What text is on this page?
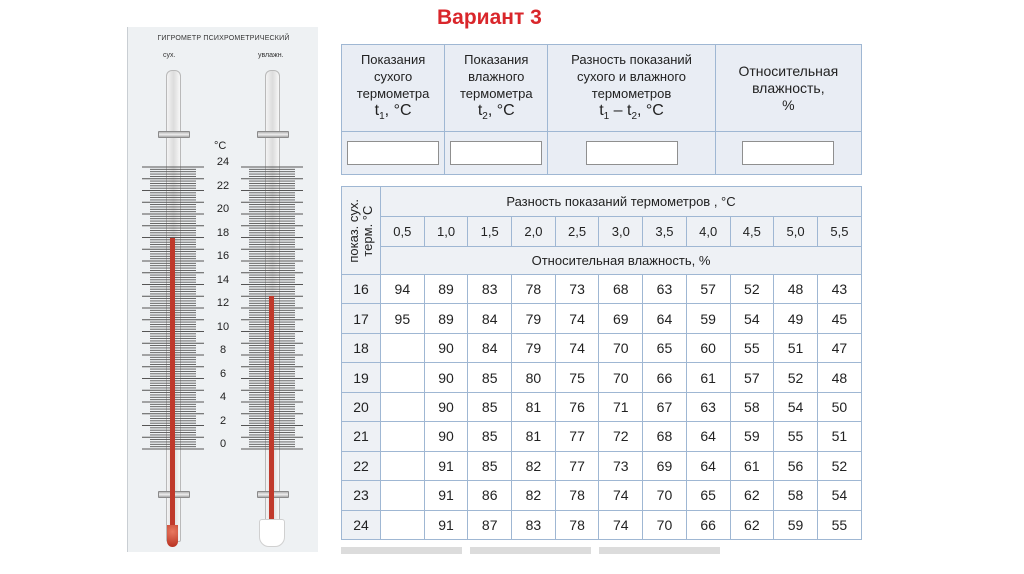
Вариант 3
ГИГРОМЕТР ПСИХРОМЕТРИЧЕСКИЙ
сух.	увлажн.
°C
24
22
20
18
16
14
12
10
8
6
4
2
0
Показания
сухого
термометра
$t_1$, °C	Показания
влажного
термометра
$t_2$, °C	Разность показаний
сухого и влажного
термометров
$t_1 - t_2$, °C	Относительная
влажность,
%

показ. сух.
терм. °C	Разность показаний термометров , °C										
	0,5	1,0	1,5	2,0	2,5	3,0	3,5	4,0	4,5	5,0	5,5
	Относительная влажность, %										
16	94	89	83	78	73	68	63	57	52	48	43
17	95	89	84	79	74	69	64	59	54	49	45
18		90	84	79	74	70	65	60	55	51	47
19		90	85	80	75	70	66	61	57	52	48
20		90	85	81	76	71	67	63	58	54	50
21		90	85	81	77	72	68	64	59	55	51
22		91	85	82	77	73	69	64	61	56	52
23		91	86	82	78	74	70	65	62	58	54
24		91	87	83	78	74	70	66	62	59	55
